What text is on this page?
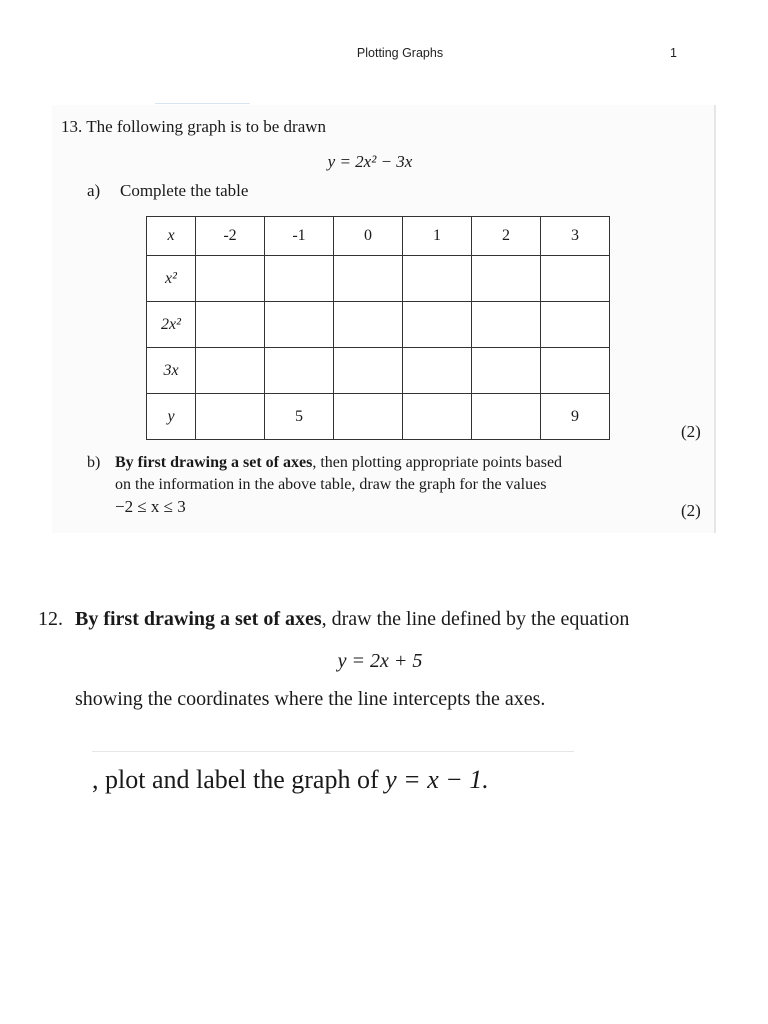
Plotting Graphs	1
13. The following graph is to be drawn
y = 2x² − 3x
a) Complete the table
x	-2	-1	0	1	2	3
x²						
2x²						
3x						
y		5				9
(2)
b) By first drawing a set of axes, then plotting appropriate points based
on the information in the above table, draw the graph for the values
−2 ≤ x ≤ 3	(2)
12. By first drawing a set of axes, draw the line defined by the equation
y = 2x + 5
showing the coordinates where the line intercepts the axes.
, plot and label the graph of y = x − 1.
